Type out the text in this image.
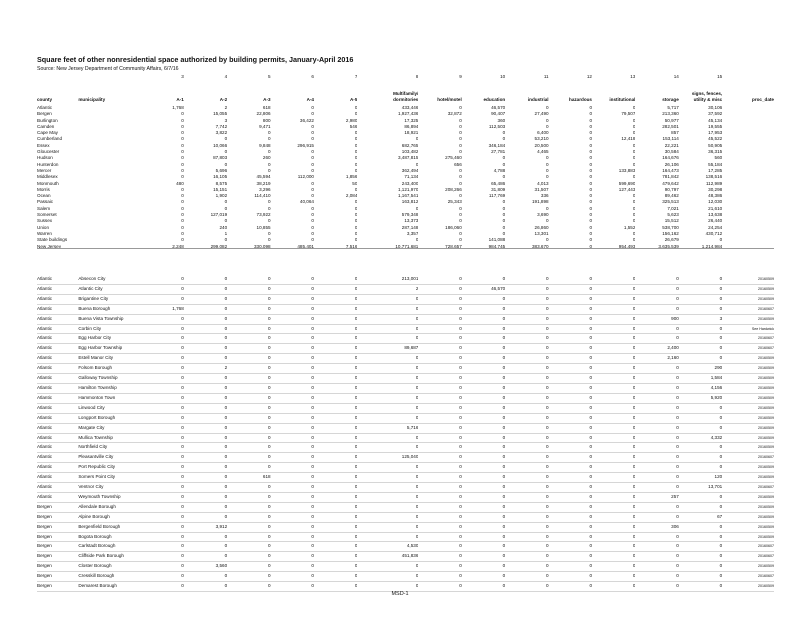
Square feet of other nonresidential space authorized by building permits, January-April 2016
Source: New Jersey Department of Community Affairs, 6/7/16
		3	4	5	6	7	8	9	10	11	12	13	14	15	
county	municipality	A-1	A-2	A-3	A-4	A-5	Multifamily/
dormitories	hotel/motel	education	industrial	hazardous	institutional	storage	signs, fences,
utility & misc	proc_date
Atlantic		1,768	2	618	0	0	433,446	0	46,570	0	0	0	5,717	30,106	
Bergen		0	15,055	22,806	0	0	1,927,436	32,872	90,407	27,490	0	79,507	213,360	37,592	
Burlington		0	3	800	36,422	2,980	17,325	0	360	0	0	0	50,977	45,134	
Camden		0	7,742	9,471	0	546	86,894	0	112,503	0	0	0	282,501	19,555	
Cape May		0	3,822	0	0	0	18,921	0	0	6,400	0	0	857	17,953	
Cumberland		0	0	0	0	0	0	0	0	53,210	0	12,418	153,114	45,522	
Essex		0	10,066	9,848	296,915	0	682,765	0	346,184	20,500	0	0	22,221	50,905	
Gloucester		0	0	0	0	0	103,482	0	27,781	4,465	0	0	30,584	36,315	
Hudson		0	87,803	260	0	0	3,487,815	275,460	0	0	0	0	164,676	560	
Hunterdon		0	0	0	0	0	0	656	0	0	0	0	26,106	55,184	
Mercer		0	5,696	0	0	0	362,494	0	4,788	0	0	133,883	164,473	17,285	
Middlesex		0	16,105	45,594	112,000	1,856	71,134	0	0	0	0	0	781,842	138,516	
Monmouth		480	8,575	38,219	0	50	243,400	0	65,486	4,013	0	599,690	479,642	112,989	
Morris		0	15,151	3,296	0	0	1,121,970	208,266	31,809	31,507	0	127,443	90,797	30,298	
Ocean		0	1,902	114,410	0	2,084	1,167,541	0	117,769	336	0	0	89,462	48,386	
Passaic		0	0	0	40,064	0	163,812	25,343	0	191,898	0	0	325,513	12,030	
Salem		0	0	0	0	0	0	0	0	0	0	0	7,021	21,610	
Somerset		0	127,019	73,922	0	0	579,348	0	0	3,690	0	0	5,623	13,638	
Sussex		0	0	0	0	0	13,373	0	0	0	0	0	15,512	26,440	
Union		0	240	10,855	0	0	287,148	186,060	0	26,860	0	1,552	538,700	24,254	
Warren		0	1	0	0	0	3,357	0	0	13,301	0	0	156,162	430,712	
State buildings		0	0	0	0	0	0	0	141,088	0	0	0	26,679	0	
New Jersey		2,248	299,082	330,098	485,401	7,516	10,771,681	728,657	984,745	383,670	0	954,493	3,635,539	1,214,984	
Atlantic	Absecon City	0	0	0	0	0	213,001	0	0	0	0	0	0	0	20160509
Atlantic	Atlantic City	0	0	0	0	0	2	0	46,570	0	0	0	0	0	20160509
Atlantic	Brigantine City	0	0	0	0	0	0	0	0	0	0	0	0	0	20160509
Atlantic	Buena Borough	1,768	0	0	0	0	0	0	0	0	0	0	0	0	20160607
Atlantic	Buena Vista Township	0	0	0	0	0	0	0	0	0	0	0	900	3	20160509
Atlantic	Corbin City	0	0	0	0	0	0	0	0	0	0	0	0	0	See Hardwick
Atlantic	Egg Harbor City	0	0	0	0	0	0	0	0	0	0	0	0	0	20160607
Atlantic	Egg Harbor Township	0	0	0	0	0	89,687	0	0	0	0	0	2,400	0	20160607
Atlantic	Estell Manor City	0	0	0	0	0	0	0	0	0	0	0	2,160	0	20160509
Atlantic	Folsom Borough	0	2	0	0	0	0	0	0	0	0	0	0	290	20160509
Atlantic	Galloway Township	0	0	0	0	0	0	0	0	0	0	0	0	1,584	20160509
Atlantic	Hamilton Township	0	0	0	0	0	0	0	0	0	0	0	0	4,156	20160509
Atlantic	Hammonton Town	0	0	0	0	0	0	0	0	0	0	0	0	5,920	20160509
Atlantic	Linwood City	0	0	0	0	0	0	0	0	0	0	0	0	0	20160509
Atlantic	Longport Borough	0	0	0	0	0	0	0	0	0	0	0	0	0	20160509
Atlantic	Margate City	0	0	0	0	0	5,716	0	0	0	0	0	0	0	20160509
Atlantic	Mullica Township	0	0	0	0	0	0	0	0	0	0	0	0	4,332	20160509
Atlantic	Northfield City	0	0	0	0	0	0	0	0	0	0	0	0	0	20160509
Atlantic	Pleasantville City	0	0	0	0	0	125,040	0	0	0	0	0	0	0	20160607
Atlantic	Port Republic City	0	0	0	0	0	0	0	0	0	0	0	0	0	20160509
Atlantic	Somers Point City	0	0	618	0	0	0	0	0	0	0	0	0	120	20160509
Atlantic	Ventnor City	0	0	0	0	0	0	0	0	0	0	0	0	13,701	20160607
Atlantic	Weymouth Township	0	0	0	0	0	0	0	0	0	0	0	257	0	20160509
Bergen	Allendale Borough	0	0	0	0	0	0	0	0	0	0	0	0	0	20160509
Bergen	Alpine Borough	0	0	0	0	0	0	0	0	0	0	0	0	67	20160509
Bergen	Bergenfield Borough	0	3,912	0	0	0	0	0	0	0	0	0	306	0	20160509
Bergen	Bogota Borough	0	0	0	0	0	0	0	0	0	0	0	0	0	20160509
Bergen	Carlstadt Borough	0	0	0	0	0	4,530	0	0	0	0	0	0	0	20160607
Bergen	Cliffside Park Borough	0	0	0	0	0	451,836	0	0	0	0	0	0	0	20160607
Bergen	Closter Borough	0	3,560	0	0	0	0	0	0	0	0	0	0	0	20160509
Bergen	Cresskill Borough	0	0	0	0	0	0	0	0	0	0	0	0	0	20160607
Bergen	Demarest Borough	0	0	0	0	0	0	0	0	0	0	0	0	0	20160509
MSD-1
